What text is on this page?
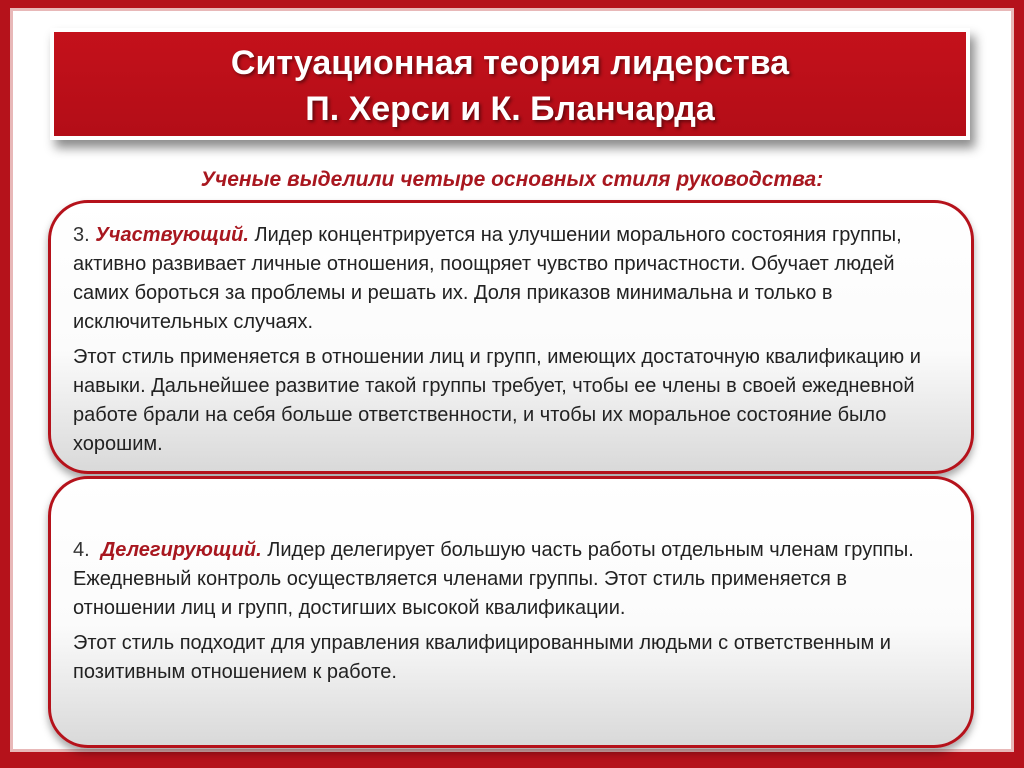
Ситуационная теория лидерства
П. Херси и К. Бланчарда
Ученые выделили четыре основных стиля руководства:

3. Участвующий. Лидер концентрируется на улучшении морального состояния группы, активно развивает личные отношения, поощряет чувство причастности. Обучает людей самих бороться за проблемы и решать их. Доля приказов минимальна и только в исключительных случаях.

Этот стиль применяется в отношении лиц и групп, имеющих достаточную квалификацию и навыки. Дальнейшее развитие такой группы требует, чтобы ее члены в своей ежедневной работе брали на себя больше ответственности, и чтобы их моральное состояние было хорошим.

4. Делегирующий. Лидер делегирует большую часть работы отдельным членам группы. Ежедневный контроль осуществляется членами группы. Этот стиль применяется в отношении лиц и групп, достигших высокой квалификации.

Этот стиль подходит для управления квалифицированными людьми с ответственным и позитивным отношением к работе.
